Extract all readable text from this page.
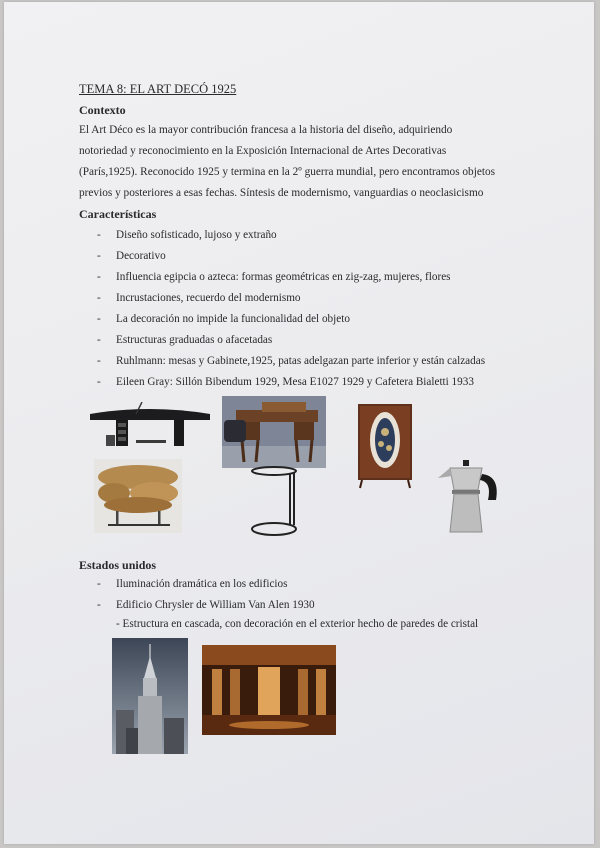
TEMA 8: EL ART DECÓ 1925
Contexto
El Art Déco es la mayor contribución francesa a la historia del diseño, adquiriendo
notoriedad y reconocimiento en la Exposición Internacional de Artes Decorativas
(París,1925). Reconocido 1925 y termina en la 2º guerra mundial, pero encontramos objetos
previos y posteriores a esas fechas. Síntesis de modernismo, vanguardias o neoclasicismo
Características
- Diseño sofisticado, lujoso y extraño
- Decorativo
- Influencia egipcia o azteca: formas geométricas en zig-zag, mujeres, flores
- Incrustaciones, recuerdo del modernismo
- La decoración no impide la funcionalidad del objeto
- Estructuras graduadas o afacetadas
- Ruhlmann: mesas y Gabinete,1925, patas adelgazan parte inferior y están calzadas
- Eileen Gray: Sillón Bibendum 1929, Mesa E1027 1929 y Cafetera Bialetti 1933
Estados unidos
- Iluminación dramática en los edificios
- Edificio Chrysler de William Van Alen 1930
- Estructura en cascada, con decoración en el exterior hecho de paredes de cristal
